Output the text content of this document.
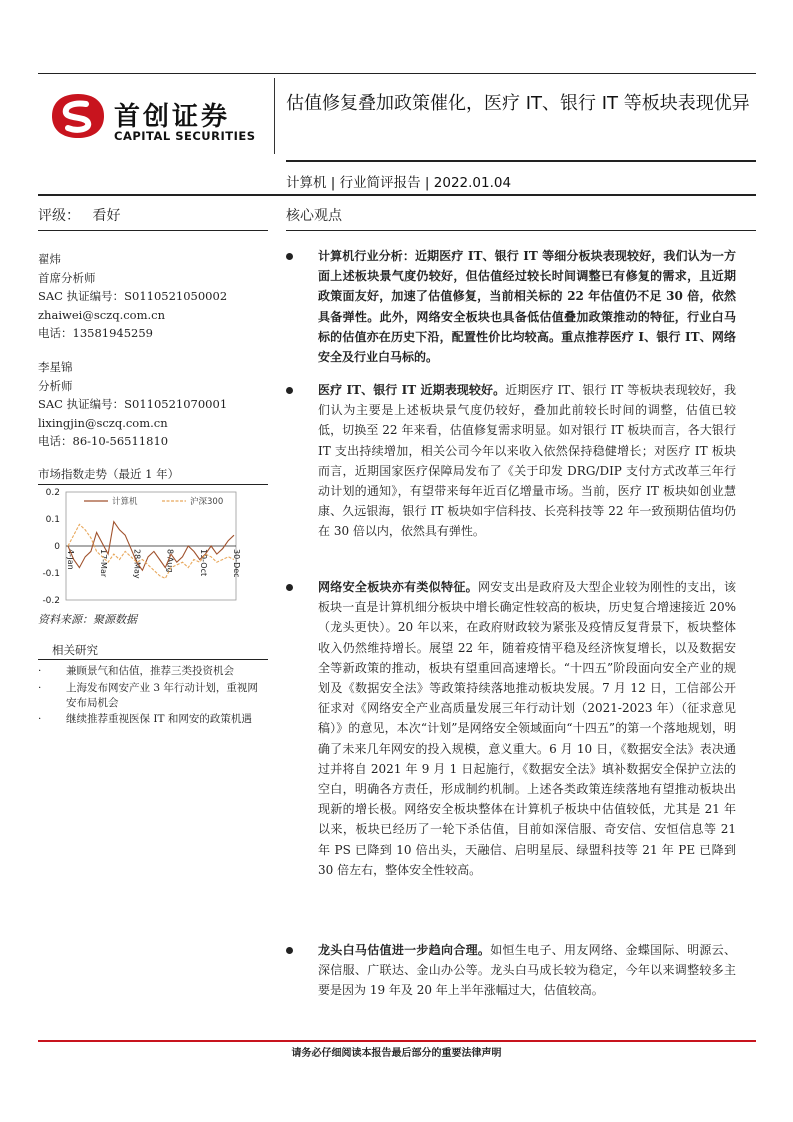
首创证券
CAPITAL SECURITIES
估值修复叠加政策催化，医疗 IT、银行 IT 等板块表现优异
计算机 | 行业简评报告 | 2022.01.04
评级： 看好	核心观点
翟炜
首席分析师
SAC 执证编号：S0110521050002
zhaiwei@sczq.com.cn
电话：13581945259
李星锦
分析师
SAC 执证编号：S0110521070001
lixingjin@sczq.com.cn
电话：86-10-56511810
市场指数走势（最近 1 年）
0.2
0.1
0
-0.1
-0.2
4-Jan	17-Mar	28-May	8-Aug	19-Oct	30-Dec
计算机	沪深300
资料来源：聚源数据
相关研究
· 兼顾景气和估值，推荐三类投资机会
· 上海发布网安产业 3 年行动计划，重视网安布局机会
· 继续推荐重视医保 IT 和网安的政策机遇

计算机行业分析：近期医疗 IT、银行 IT 等细分板块表现较好，我们认为一方面上述板块景气度仍较好，但估值经过较长时间调整已有修复的需求，且近期政策面友好，加速了估值修复，当前相关标的 22 年估值仍不足 30 倍，依然具备弹性。此外，网络安全板块也具备低估值叠加政策推动的特征，行业白马标的估值亦在历史下沿，配置性价比均较高。重点推荐医疗 I、银行 IT、网络安全及行业白马标的。

医疗 IT、银行 IT 近期表现较好。近期医疗 IT、银行 IT 等板块表现较好，我们认为主要是上述板块景气度仍较好，叠加此前较长时间的调整，估值已较低，切换至 22 年来看，估值修复需求明显。如对银行 IT 板块而言，各大银行 IT 支出持续增加，相关公司今年以来收入依然保持稳健增长；对医疗 IT 板块而言，近期国家医疗保障局发布了《关于印发 DRG/DIP 支付方式改革三年行动计划的通知》，有望带来每年近百亿增量市场。当前，医疗 IT 板块如创业慧康、久远银海，银行 IT 板块如宇信科技、长亮科技等 22 年一致预期估值均仍在 30 倍以内，依然具有弹性。

网络安全板块亦有类似特征。网安支出是政府及大型企业较为刚性的支出，该板块一直是计算机细分板块中增长确定性较高的板块，历史复合增速接近 20%（龙头更快）。20 年以来，在政府财政较为紧张及疫情反复背景下，板块整体收入仍然维持增长。展望 22 年，随着疫情平稳及经济恢复增长，以及数据安全等新政策的推动，板块有望重回高速增长。“十四五”阶段面向安全产业的规划及《数据安全法》等政策持续落地推动板块发展。7 月 12 日，工信部公开征求对《网络安全产业高质量发展三年行动计划（2021-2023 年）（征求意见稿）》的意见，本次“计划”是网络安全领域面向“十四五”的第一个落地规划，明确了未来几年网安的投入规模，意义重大。6 月 10 日，《数据安全法》表决通过并将自 2021 年 9 月 1 日起施行，《数据安全法》填补数据安全保护立法的空白，明确各方责任，形成制约机制。上述各类政策连续落地有望推动板块出现新的增长极。网络安全板块整体在计算机子板块中估值较低，尤其是 21 年以来，板块已经历了一轮下杀估值，目前如深信服、奇安信、安恒信息等 21 年 PS 已降到 10 倍出头，天融信、启明星辰、绿盟科技等 21 年 PE 已降到 30 倍左右，整体安全性较高。

龙头白马估值进一步趋向合理。如恒生电子、用友网络、金蝶国际、明源云、深信服、广联达、金山办公等。龙头白马成长较为稳定，今年以来调整较多主要是因为 19 年及 20 年上半年涨幅过大，估值较高。

请务必仔细阅读本报告最后部分的重要法律声明
